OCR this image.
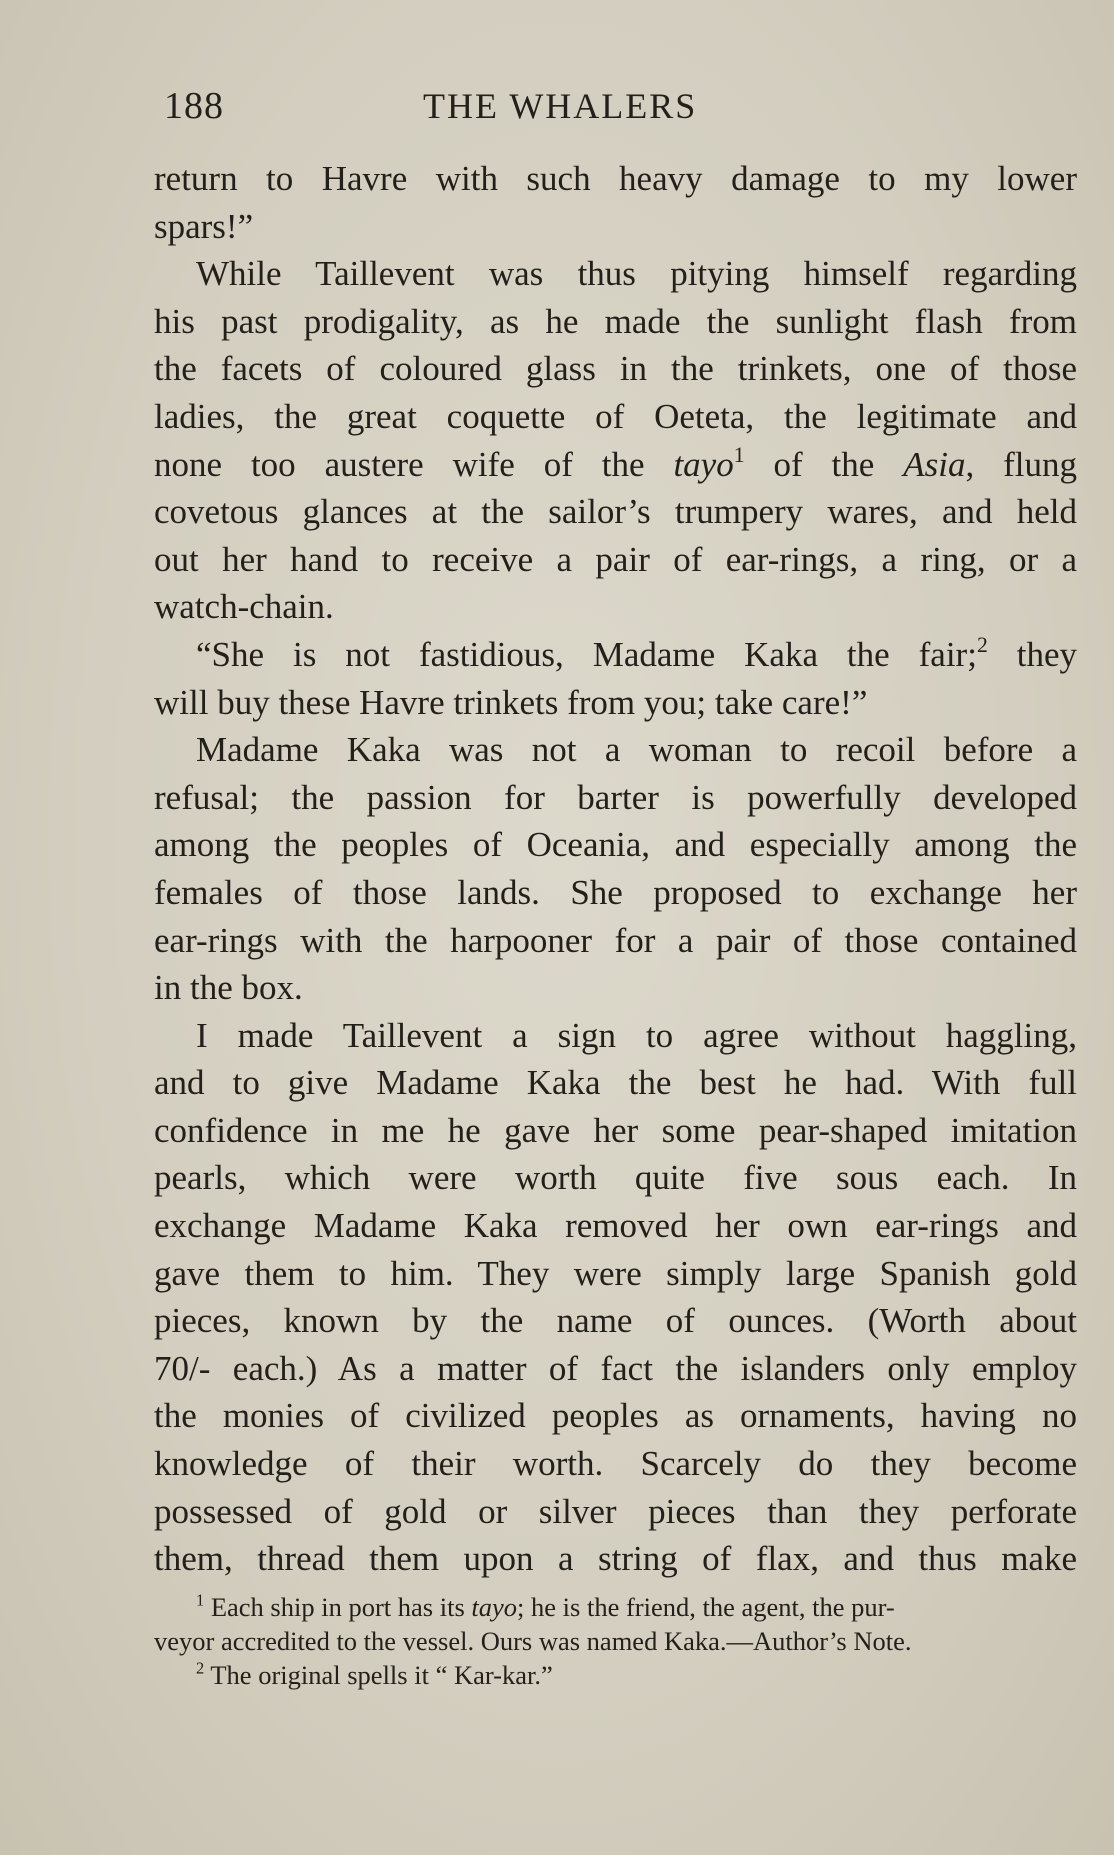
188	THE WHALERS
return to Havre with such heavy damage to my lower
spars!”
While Taillevent was thus pitying himself regarding
his past prodigality, as he made the sunlight flash from
the facets of coloured glass in the trinkets, one of those
ladies, the great coquette of Oeteta, the legitimate and
none too austere wife of the tayo$^1$ of the Asia, flung
covetous glances at the sailor’s trumpery wares, and held
out her hand to receive a pair of ear-rings, a ring, or a
watch-chain.
“She is not fastidious, Madame Kaka the fair;$^2$ they
will buy these Havre trinkets from you; take care!”
Madame Kaka was not a woman to recoil before a
refusal; the passion for barter is powerfully developed
among the peoples of Oceania, and especially among the
females of those lands. She proposed to exchange her
ear-rings with the harpooner for a pair of those contained
in the box.
I made Taillevent a sign to agree without haggling,
and to give Madame Kaka the best he had. With full
confidence in me he gave her some pear-shaped imitation
pearls, which were worth quite five sous each. In
exchange Madame Kaka removed her own ear-rings and
gave them to him. They were simply large Spanish gold
pieces, known by the name of ounces. (Worth about
70/- each.) As a matter of fact the islanders only employ
the monies of civilized peoples as ornaments, having no
knowledge of their worth. Scarcely do they become
possessed of gold or silver pieces than they perforate
them, thread them upon a string of flax, and thus make
$^1$ Each ship in port has its tayo; he is the friend, the agent, the pur-
veyor accredited to the vessel. Ours was named Kaka.—Author’s Note.
$^2$ The original spells it “ Kar-kar.”
